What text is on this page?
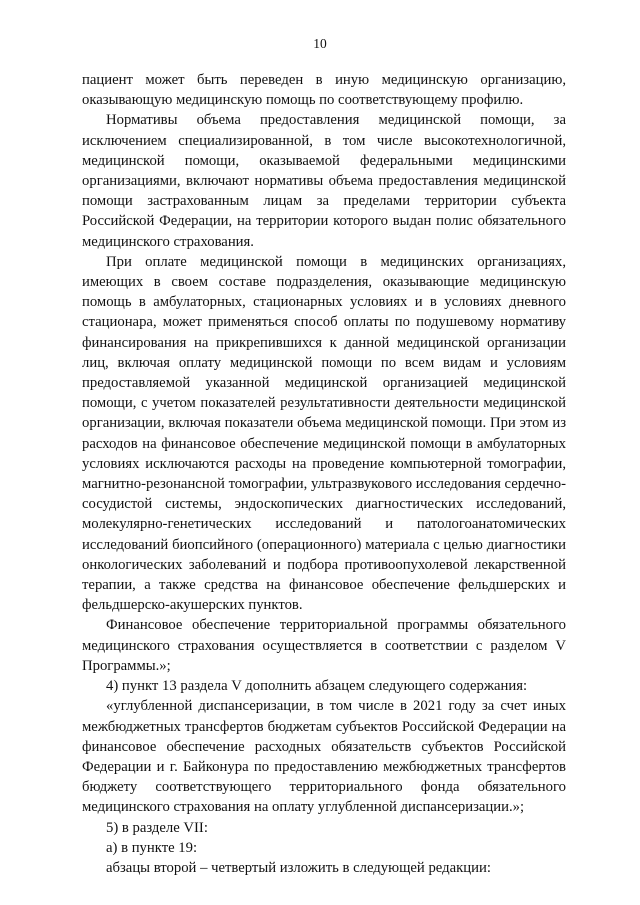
10

пациент может быть переведен в иную медицинскую организацию, оказывающую медицинскую помощь по соответствующему профилю.

Нормативы объема предоставления медицинской помощи, за исключением специализированной, в том числе высокотехнологичной, медицинской помощи, оказываемой федеральными медицинскими организациями, включают нормативы объема предоставления медицинской помощи застрахованным лицам за пределами территории субъекта Российской Федерации, на территории которого выдан полис обязательного медицинского страхования.

При оплате медицинской помощи в медицинских организациях, имеющих в своем составе подразделения, оказывающие медицинскую помощь в амбулаторных, стационарных условиях и в условиях дневного стационара, может применяться способ оплаты по подушевому нормативу финансирования на прикрепившихся к данной медицинской организации лиц, включая оплату медицинской помощи по всем видам и условиям предоставляемой указанной медицинской организацией медицинской помощи, с учетом показателей результативности деятельности медицинской организации, включая показатели объема медицинской помощи. При этом из расходов на финансовое обеспечение медицинской помощи в амбулаторных условиях исключаются расходы на проведение компьютерной томографии, магнитно-резонансной томографии, ультразвукового исследования сердечно-сосудистой системы, эндоскопических диагностических исследований, молекулярно-генетических исследований и патологоанатомических исследований биопсийного (операционного) материала с целью диагностики онкологических заболеваний и подбора противоопухолевой лекарственной терапии, а также средства на финансовое обеспечение фельдшерских и фельдшерско-акушерских пунктов.

Финансовое обеспечение территориальной программы обязательного медицинского страхования осуществляется в соответствии с разделом V Программы.»;

4) пункт 13 раздела V дополнить абзацем следующего содержания:

«углубленной диспансеризации, в том числе в 2021 году за счет иных межбюджетных трансфертов бюджетам субъектов Российской Федерации на финансовое обеспечение расходных обязательств субъектов Российской Федерации и г. Байконура по предоставлению межбюджетных трансфертов бюджету соответствующего территориального фонда обязательного медицинского страхования на оплату углубленной диспансеризации.»;

5) в разделе VII:

а) в пункте 19:

абзацы второй – четвертый изложить в следующей редакции:
